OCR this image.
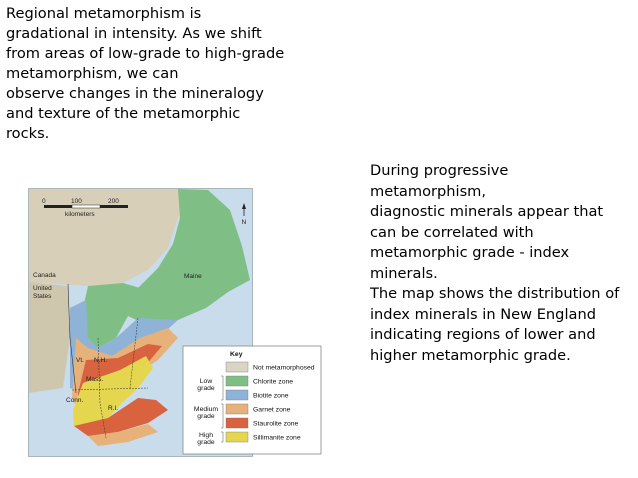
Regional metamorphism is
gradational in intensity. As we shift
from areas of low-grade to high-grade
metamorphism, we can
observe changes in the mineralogy
and texture of the metamorphic
rocks.
During progressive
metamorphism,
diagnostic minerals appear that
can be correlated with
metamorphic grade - index
minerals.
The map shows the distribution of
index minerals in New England
indicating regions of lower and
higher metamorphic grade.
0	100	200
kilometers
N
Canada
United
States
Maine
Vt. N.H.
Mass.
Conn.
R.I.
Key
Not metamorphosed
Chlorite zone
Biotite zone
Garnet zone
Staurolite zone
Sillimanite zone
Low
grade
Medium
grade
High
grade
